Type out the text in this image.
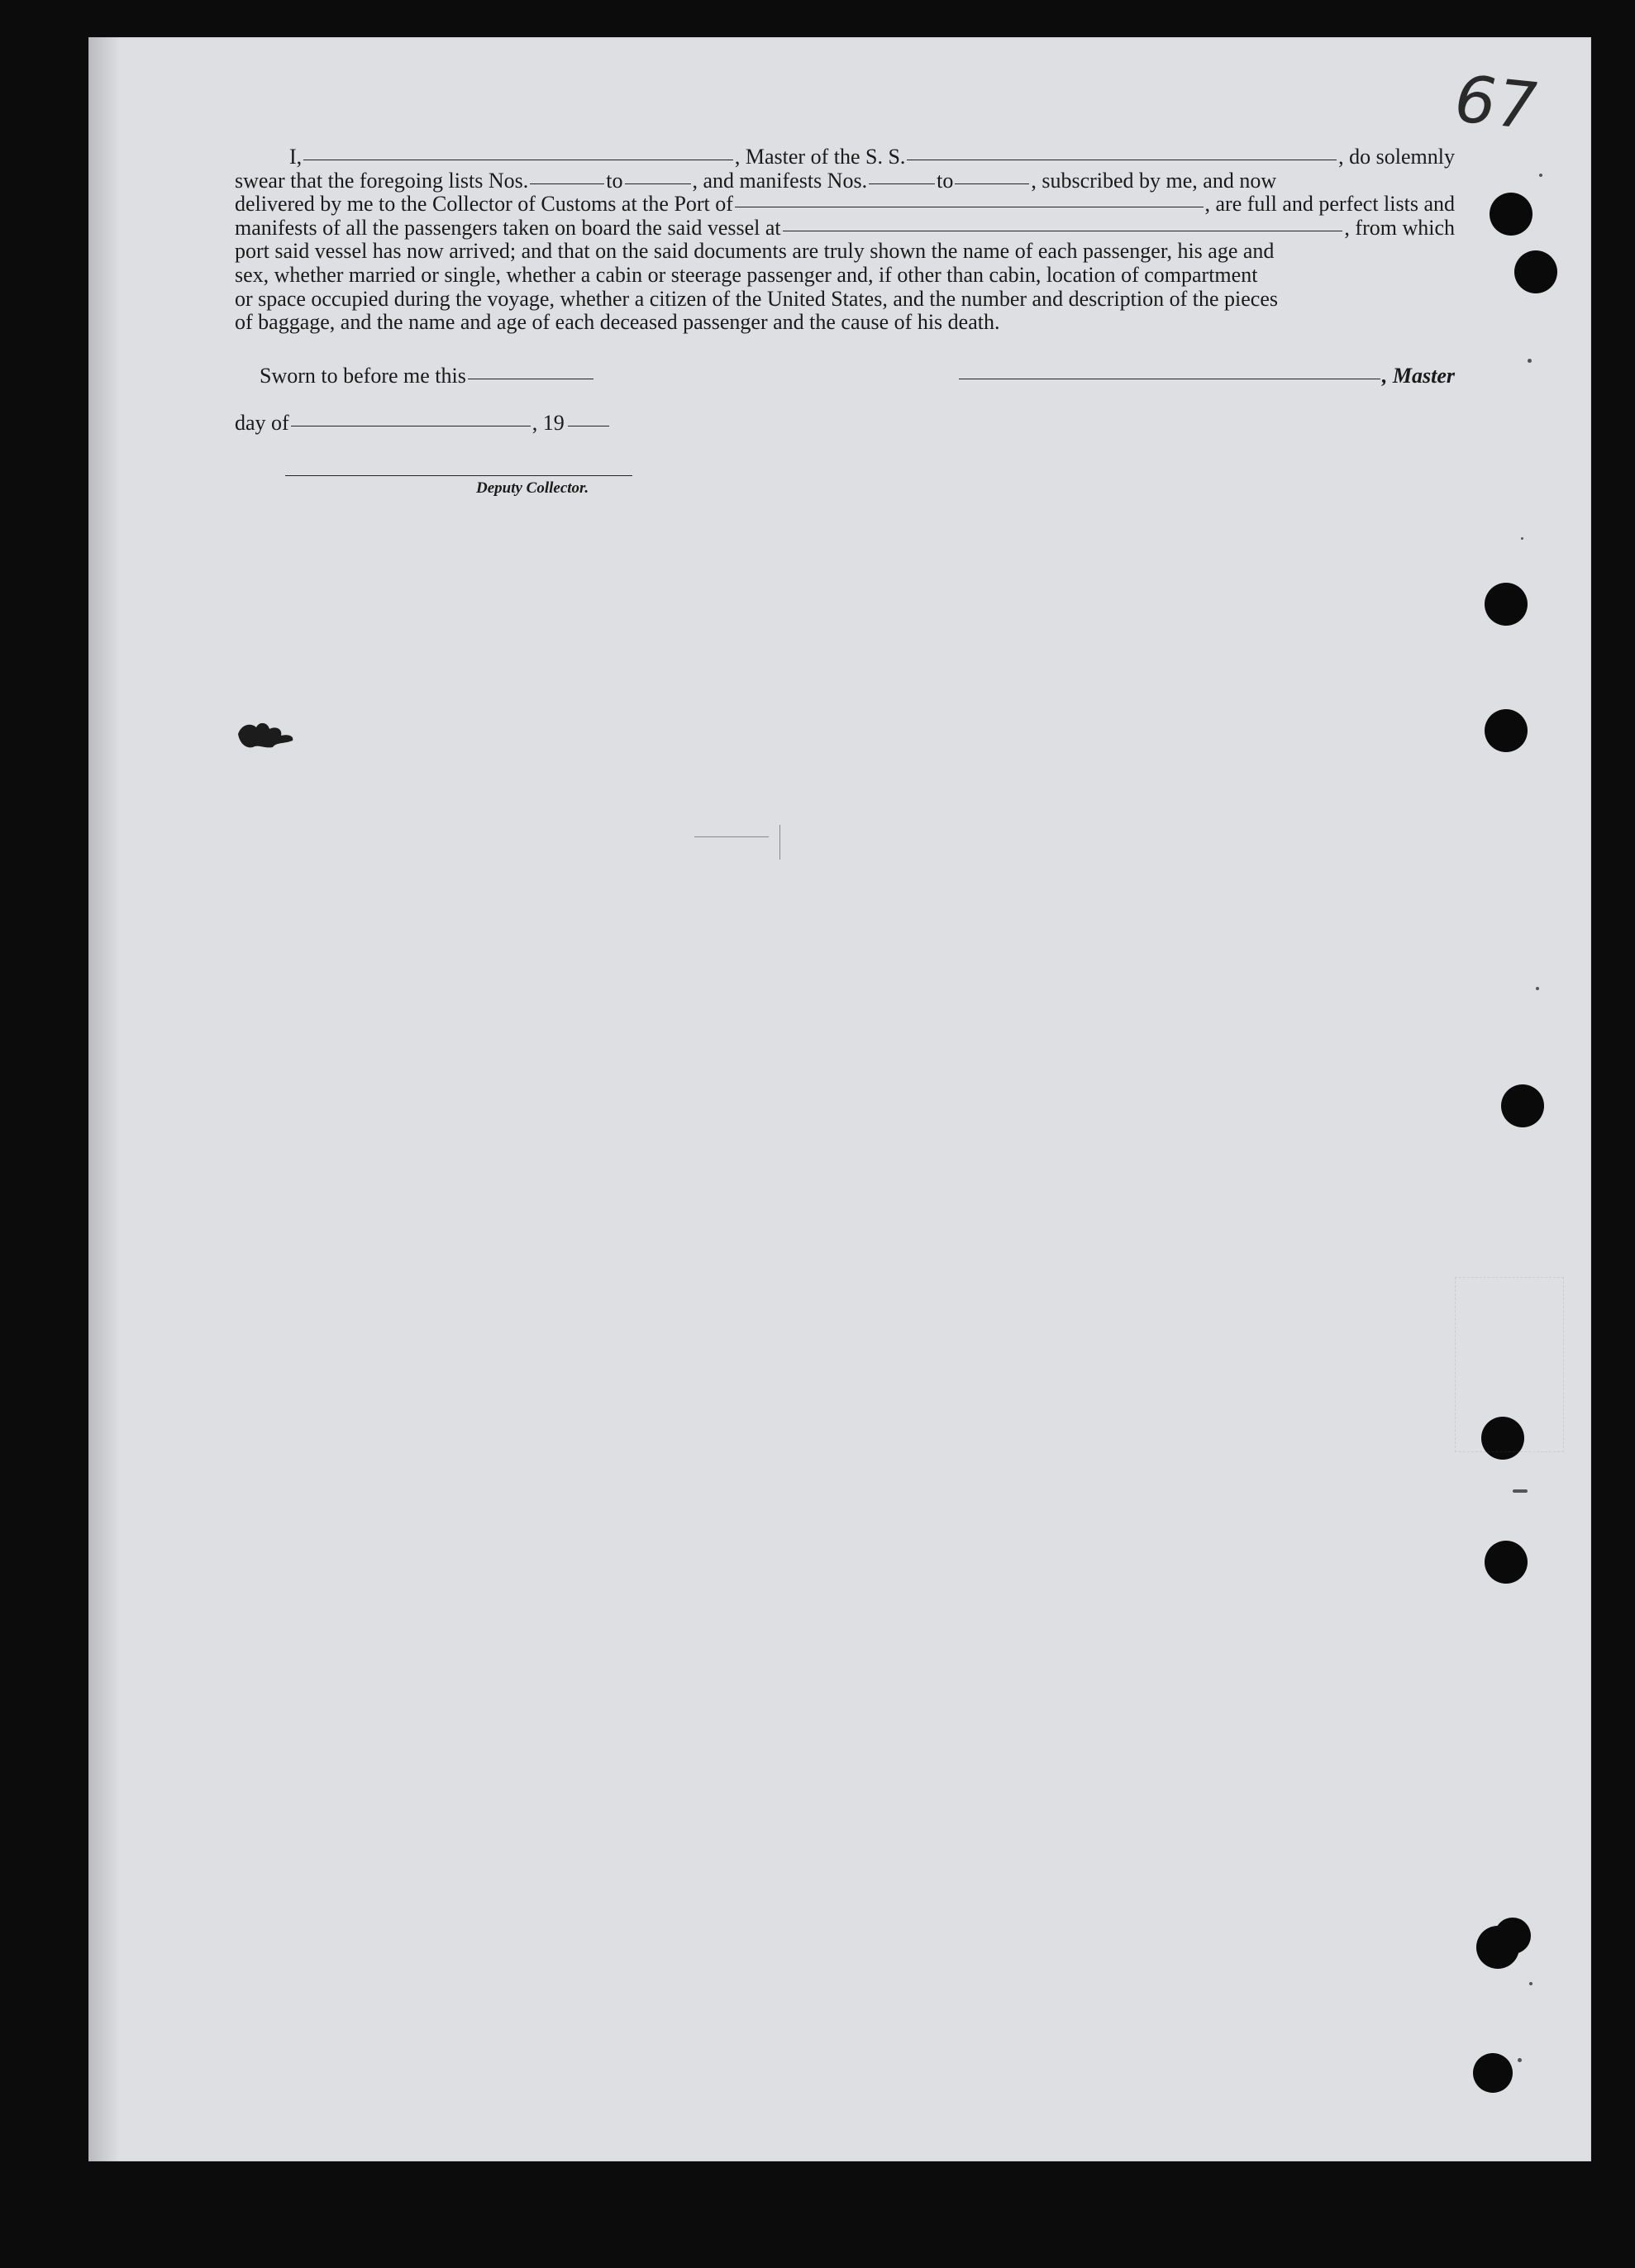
67
I,	, Master of the S. S.	, do solemnly
swear that the foregoing lists Nos.	to	, and manifests Nos.	to	, subscribed by me, and now
delivered by me to the Collector of Customs at the Port of	, are full and perfect lists and
manifests of all the passengers taken on board the said vessel at	, from which
port said vessel has now arrived; and that on the said documents are truly shown the name of each passenger, his age and
sex, whether married or single, whether a cabin or steerage passenger and, if other than cabin, location of compartment
or space occupied during the voyage, whether a citizen of the United States, and the number and description of the pieces
of baggage, and the name and age of each deceased passenger and the cause of his death.
Sworn to before me this	, Master
day of	, 19
Deputy Collector.
